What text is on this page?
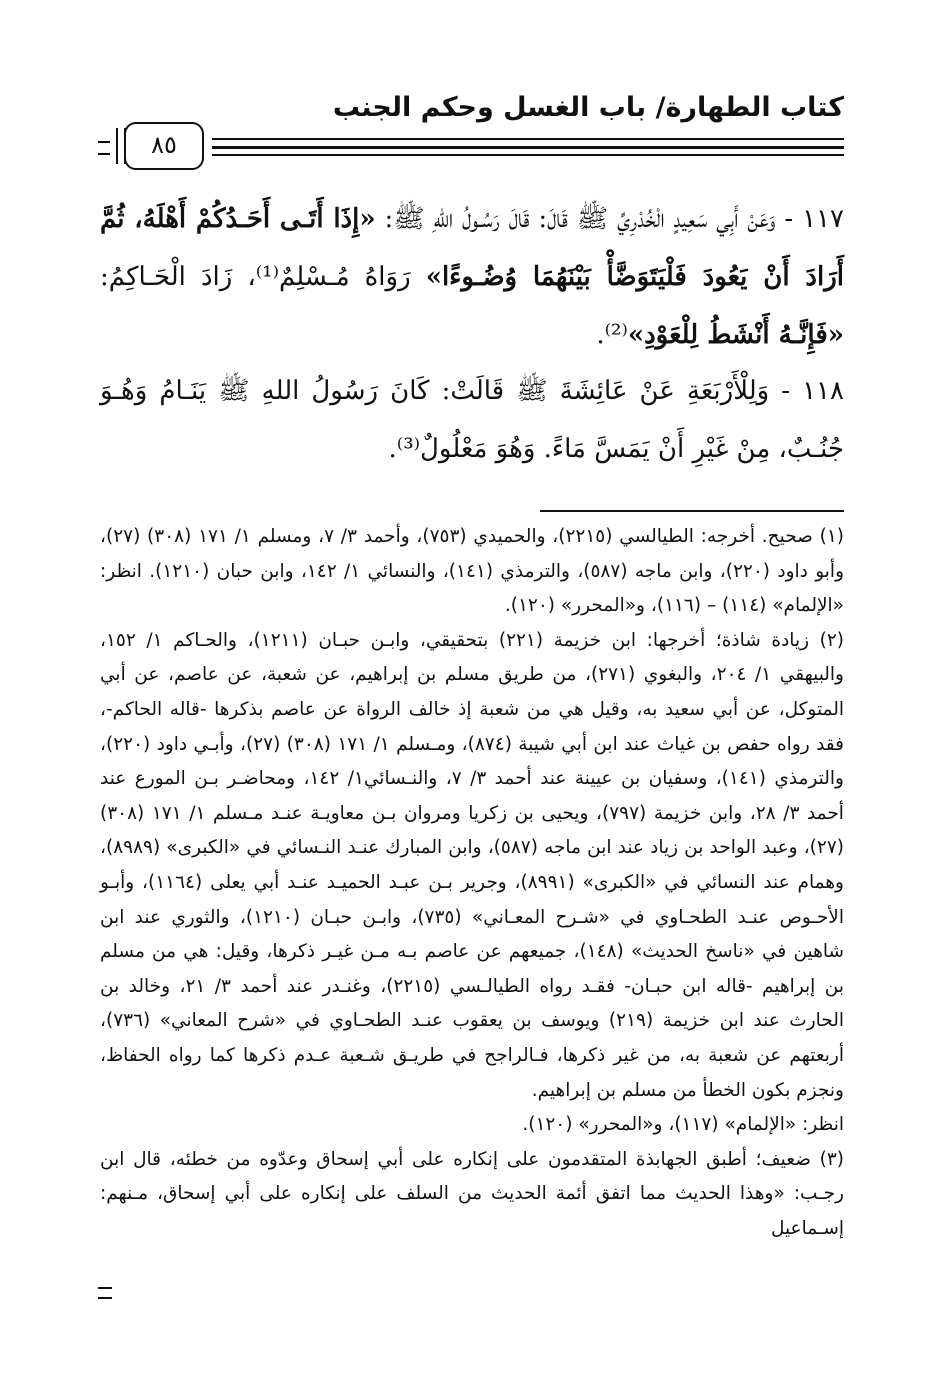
كتاب الطهارة/ باب الغسل وحكم الجنب
٨٥
١١٧ - وَعَنْ أَبِي سَعِيدٍ الْخُدْرِيِّ ﷺ قَالَ: قَالَ رَسُـولُ اللهِ ﷺ: «إِذَا أَتَـى أَحَـدُكُمْ أَهْلَهُ، ثُمَّ أَرَادَ أَنْ يَعُودَ فَلْيَتَوَضَّأْ بَيْنَهُمَا وُضُـوءًا» رَوَاهُ مُـسْلِمٌ⁽¹⁾، زَادَ الْحَـاكِمُ: «فَإِنَّـهُ أَنْشَطُ لِلْعَوْدِ»⁽²⁾.
١١٨ - وَلِلْأَرْبَعَةِ عَنْ عَائِشَةَ ﷺ قَالَتْ: كَانَ رَسُولُ اللهِ ﷺ يَنَـامُ وَهُـوَ جُنُـبٌ، مِنْ غَيْرِ أَنْ يَمَسَّ مَاءً. وَهُوَ مَعْلُولٌ⁽³⁾.

(١) صحيح. أخرجه: الطيالسي (٢٢١٥)، والحميدي (٧٥٣)، وأحمد ٣/ ٧، ومسلم ١/ ١٧١ (٣٠٨) (٢٧)، وأبو داود (٢٢٠)، وابن ماجه (٥٨٧)، والترمذي (١٤١)، والنسائي ١/ ١٤٢، وابن حبان (١٢١٠). انظر: «الإلمام» (١١٤) – (١١٦)، و«المحرر» (١٢٠).

(٢) زيادة شاذة؛ أخرجها: ابن خزيمة (٢٢١) بتحقيقي، وابـن حبـان (١٢١١)، والحـاكم ١/ ١٥٢، والبيهقي ١/ ٢٠٤، والبغوي (٢٧١)، من طريق مسلم بن إبراهيم، عن شعبة، عن عاصم، عن أبي المتوكل، عن أبي سعيد به، وقيل هي من شعبة إذ خالف الرواة عن عاصم بذكرها -قاله الحاكم-، فقد رواه حفص بن غياث عند ابن أبي شيبة (٨٧٤)، ومـسلم ١/ ١٧١ (٣٠٨) (٢٧)، وأبـي داود (٢٢٠)، والترمذي (١٤١)، وسفيان بن عيينة عند أحمد ٣/ ٧، والنـسائي١/ ١٤٢، ومحاضـر بـن المورع عند أحمد ٣/ ٢٨، وابن خزيمة (٧٩٧)، ويحيى بن زكريا ومروان بـن معاويـة عنـد مـسلم ١/ ١٧١ (٣٠٨) (٢٧)، وعبد الواحد بن زياد عند ابن ماجه (٥٨٧)، وابن المبارك عنـد النـسائي في «الكبرى» (٨٩٨٩)، وهمام عند النسائي في «الكبرى» (٨٩٩١)، وجرير بـن عبـد الحميـد عنـد أبي يعلى (١١٦٤)، وأبـو الأحـوص عنـد الطحـاوي في «شـرح المعـاني» (٧٣٥)، وابـن حبـان (١٢١٠)، والثوري عند ابن شاهين في «ناسخ الحديث» (١٤٨)، جميعهم عن عاصم بـه مـن غيـر ذكرها، وقيل: هي من مسلم بن إبراهيم -قاله ابن حبـان- فقـد رواه الطيالـسي (٢٢١٥)، وغنـدر عند أحمد ٣/ ٢١، وخالد بن الحارث عند ابن خزيمة (٢١٩) ويوسف بن يعقوب عنـد الطحـاوي في «شرح المعاني» (٧٣٦)، أربعتهم عن شعبة به، من غير ذكرها، فـالراجح في طريـق شـعبة عـدم ذكرها كما رواه الحفاظ، ونجزم بكون الخطأ من مسلم بن إبراهيم.

انظر: «الإلمام» (١١٧)، و«المحرر» (١٢٠).

(٣) ضعيف؛ أطبق الجهابذة المتقدمون على إنكاره على أبي إسحاق وعدّوه من خطئه، قال ابن رجـب: «وهذا الحديث مما اتفق أئمة الحديث من السلف على إنكاره على أبي إسحاق، مـنهم: إسـماعيل
